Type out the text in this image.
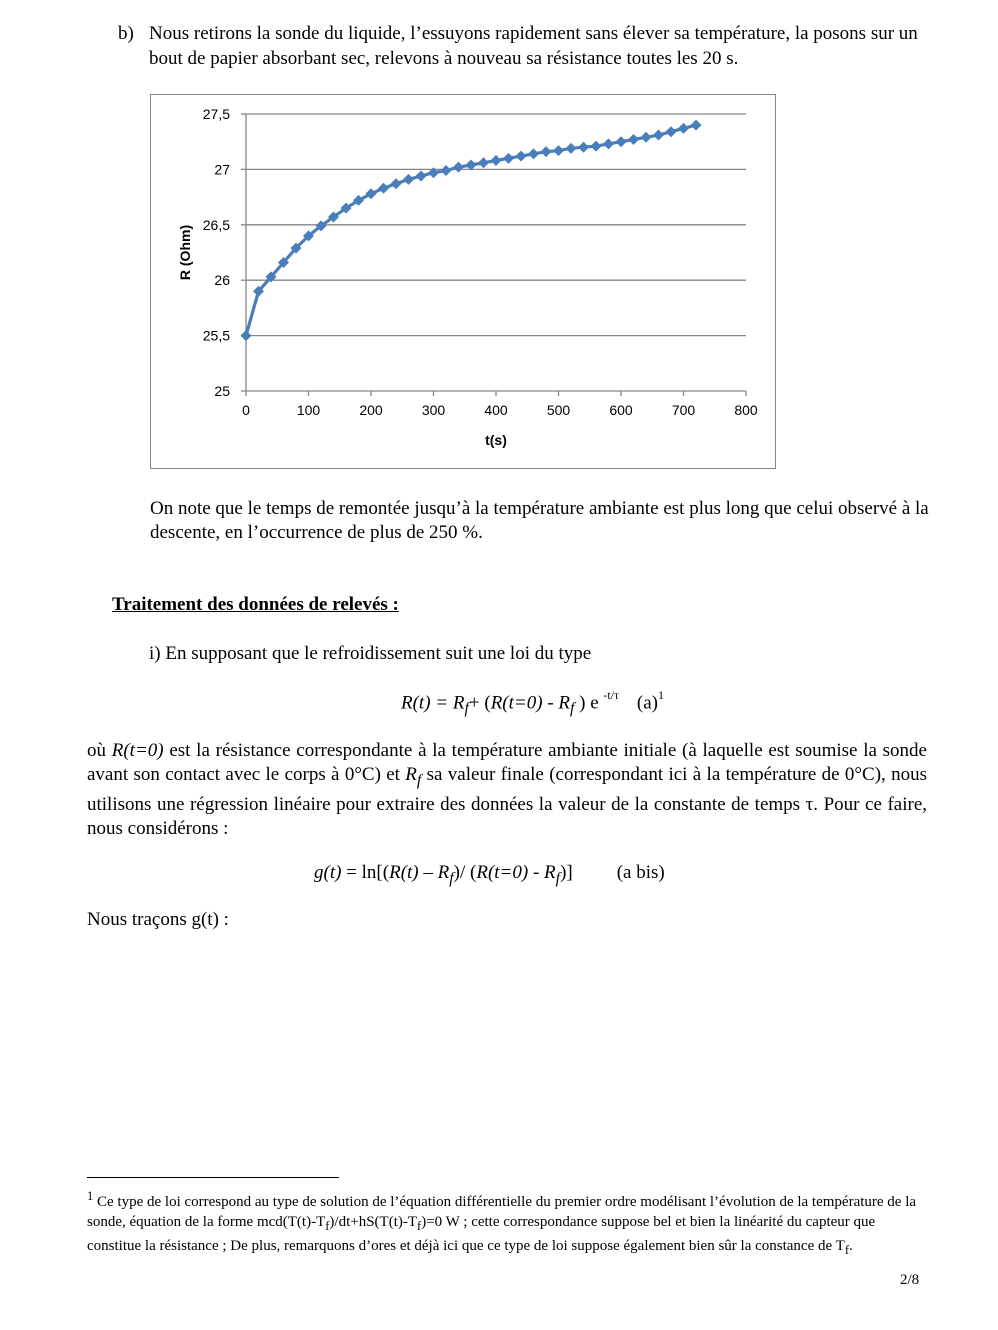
b) Nous retirons la sonde du liquide, l’essuyons rapidement sans élever sa température, la posons sur un bout de papier absorbant sec, relevons à nouveau sa résistance toutes les 20 s.
25
25,5
26
26,5
27
27,5
0	100	200	300	400	500	600	700	800
t(s)
R (Ohm)
On note que le temps de remontée jusqu’à la température ambiante est plus long que celui observé à la descente, en l’occurrence de plus de 250 %.
Traitement des données de relevés :
i) En supposant que le refroidissement suit une loi du type
$R(t) = R_f+ (R(t=0) - R_f$ ) e $^{-t/\tau}$ $(a)^1$
où R(t=0) est la résistance correspondante à la température ambiante initiale (à laquelle est soumise la sonde avant son contact avec le corps à 0°C) et $R_f$ sa valeur finale (correspondant ici à la température de 0°C), nous utilisons une régression linéaire pour extraire des données la valeur de la constante de temps τ. Pour ce faire, nous considérons :
$g(t) = \ln[(R(t) - R_f)/$ $(R(t=0) - R_f)$] (a bis)
Nous traçons g(t) :
$^1$ Ce type de loi correspond au type de solution de l’équation différentielle du premier ordre modélisant l’évolution de la température de la sonde, équation de la forme $mcd(T(t)-T_f)/dt+hS(T(t)-T_f)=0$ W ; cette correspondance suppose bel et bien la linéarité du capteur que constitue la résistance ; De plus, remarquons d’ores et déjà ici que ce type de loi suppose également bien sûr la constance de $T_f$.
2/8
